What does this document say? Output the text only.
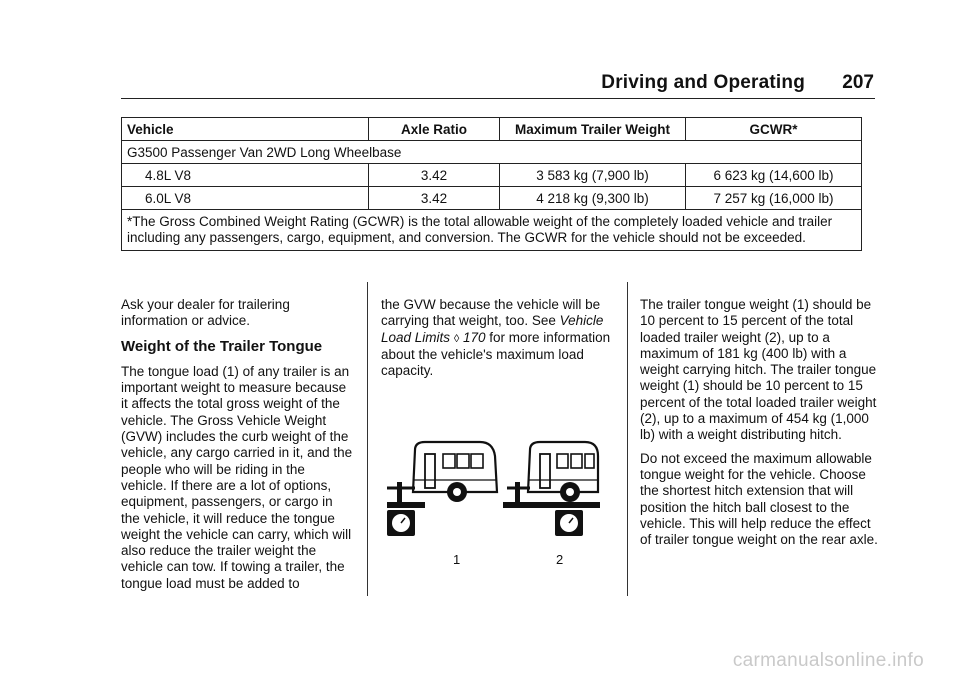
Driving and Operating 207
Vehicle	Axle Ratio	Maximum Trailer Weight	GCWR*
G3500 Passenger Van 2WD Long Wheelbase			
4.8L V8	3.42	3 583 kg (7,900 lb)	6 623 kg (14,600 lb)
6.0L V8	3.42	4 218 kg (9,300 lb)	7 257 kg (16,000 lb)
*The Gross Combined Weight Rating (GCWR) is the total allowable weight of the completely loaded vehicle and trailer including any passengers, cargo, equipment, and conversion. The GCWR for the vehicle should not be exceeded.			

Ask your dealer for trailering information or advice.

Weight of the Trailer Tongue

The tongue load (1) of any trailer is an important weight to measure because it affects the total gross weight of the vehicle. The Gross Vehicle Weight (GVW) includes the curb weight of the vehicle, any cargo carried in it, and the people who will be riding in the vehicle. If there are a lot of options, equipment, passengers, or cargo in the vehicle, it will reduce the tongue weight the vehicle can carry, which will also reduce the trailer weight the vehicle can tow. If towing a trailer, the tongue load must be added to

the GVW because the vehicle will be carrying that weight, too. See Vehicle Load Limits ◊ 170 for more information about the vehicle's maximum load capacity.

1	2

The trailer tongue weight (1) should be 10 percent to 15 percent of the total loaded trailer weight (2), up to a maximum of 181 kg (400 lb) with a weight carrying hitch. The trailer tongue weight (1) should be 10 percent to 15 percent of the total loaded trailer weight (2), up to a maximum of 454 kg (1,000 lb) with a weight distributing hitch.

Do not exceed the maximum allowable tongue weight for the vehicle. Choose the shortest hitch extension that will position the hitch ball closest to the vehicle. This will help reduce the effect of trailer tongue weight on the rear axle.

carmanualsonline.info
